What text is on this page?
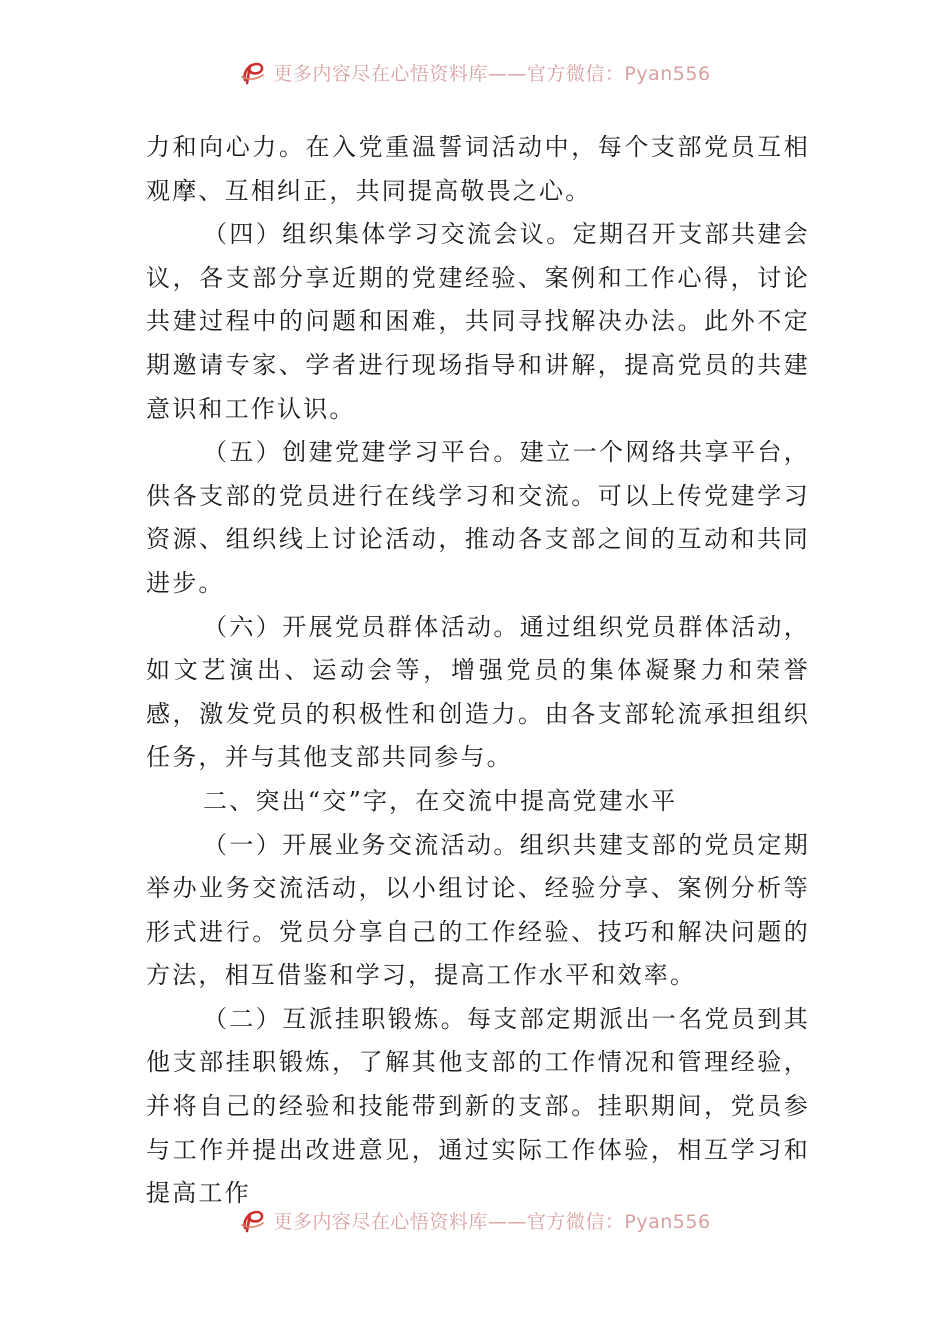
更多内容尽在心悟资料库——官方微信：Pyan556

力和向心力。在入党重温誓词活动中，每个支部党员互相观摩、互相纠正，共同提高敬畏之心。

（四）组织集体学习交流会议。定期召开支部共建会议，各支部分享近期的党建经验、案例和工作心得，讨论共建过程中的问题和困难，共同寻找解决办法。此外不定期邀请专家、学者进行现场指导和讲解，提高党员的共建意识和工作认识。

（五）创建党建学习平台。建立一个网络共享平台，供各支部的党员进行在线学习和交流。可以上传党建学习资源、组织线上讨论活动，推动各支部之间的互动和共同进步。

（六）开展党员群体活动。通过组织党员群体活动，如文艺演出、运动会等，增强党员的集体凝聚力和荣誉感，激发党员的积极性和创造力。由各支部轮流承担组织任务，并与其他支部共同参与。

二、突出“交”字，在交流中提高党建水平

（一）开展业务交流活动。组织共建支部的党员定期举办业务交流活动，以小组讨论、经验分享、案例分析等形式进行。党员分享自己的工作经验、技巧和解决问题的方法，相互借鉴和学习，提高工作水平和效率。

（二）互派挂职锻炼。每支部定期派出一名党员到其他支部挂职锻炼，了解其他支部的工作情况和管理经验，并将自己的经验和技能带到新的支部。挂职期间，党员参与工作并提出改进意见，通过实际工作体验，相互学习和提高工作

更多内容尽在心悟资料库——官方微信：Pyan556
